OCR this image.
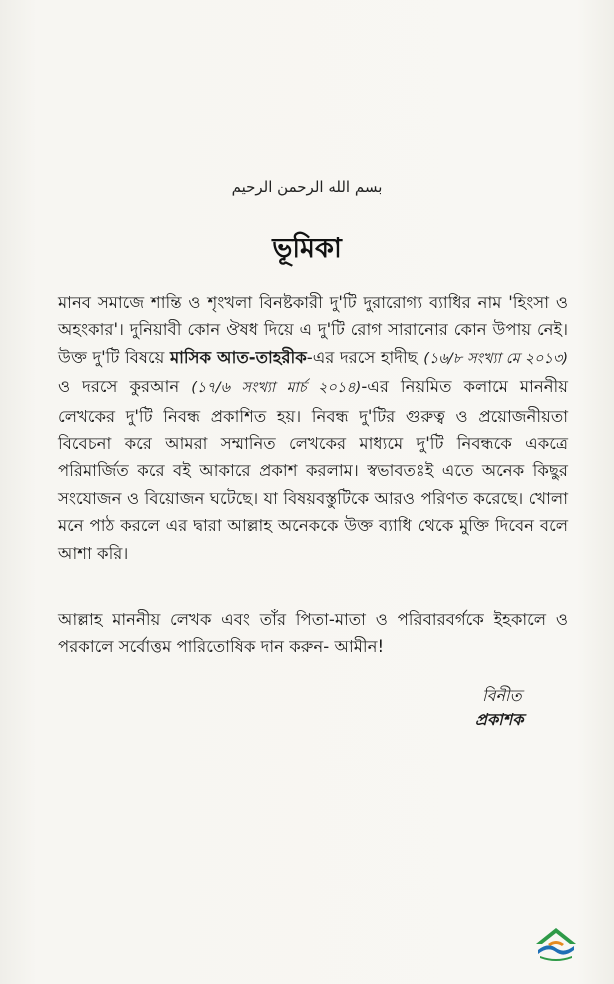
بسم الله الرحمن الرحيم
ভূমিকা
মানব সমাজে শান্তি ও শৃংখলা বিনষ্টকারী দু'টি দুরারোগ্য ব্যাধির নাম 'হিংসা ও অহংকার'। দুনিয়াবী কোন ঔষধ দিয়ে এ দু'টি রোগ সারানোর কোন উপায় নেই। উক্ত দু'টি বিষয়ে মাসিক আত-তাহরীক-এর দরসে হাদীছ (১৬/৮ সংখ্যা মে ২০১৩) ও দরসে কুরআন (১৭/৬ সংখ্যা মার্চ ২০১৪)-এর নিয়মিত কলামে মাননীয় লেখকের দু'টি নিবন্ধ প্রকাশিত হয়। নিবন্ধ দু'টির গুরুত্ব ও প্রয়োজনীয়তা বিবেচনা করে আমরা সম্মানিত লেখকের মাধ্যমে দু'টি নিবন্ধকে একত্রে পরিমার্জিত করে বই আকারে প্রকাশ করলাম। স্বভাবতঃই এতে অনেক কিছুর সংযোজন ও বিয়োজন ঘটেছে। যা বিষয়বস্তুটিকে আরও পরিণত করেছে। খোলা মনে পাঠ করলে এর দ্বারা আল্লাহ অনেককে উক্ত ব্যাধি থেকে মুক্তি দিবেন বলে আশা করি।
আল্লাহ মাননীয় লেখক এবং তাঁর পিতা-মাতা ও পরিবারবর্গকে ইহকালে ও পরকালে সর্বোত্তম পারিতোষিক দান করুন- আমীন!
বিনীত
প্রকাশক
